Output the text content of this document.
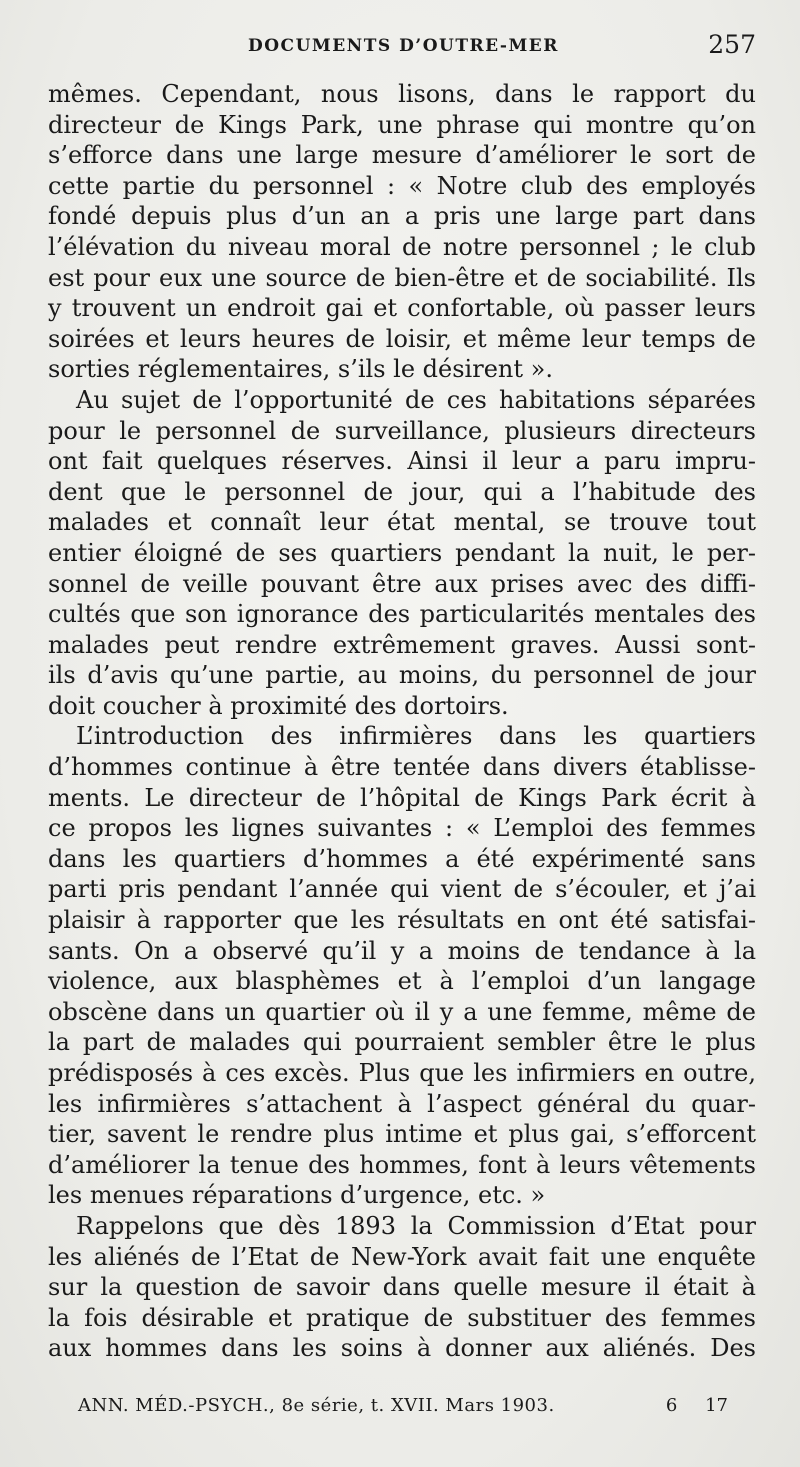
DOCUMENTS D’OUTRE-MER	257
mêmes. Cependant, nous lisons, dans le rapport du
directeur de Kings Park, une phrase qui montre qu’on
s’efforce dans une large mesure d’améliorer le sort de
cette partie du personnel : « Notre club des employés
fondé depuis plus d’un an a pris une large part dans
l’élévation du niveau moral de notre personnel ; le club
est pour eux une source de bien-être et de sociabilité. Ils
y trouvent un endroit gai et confortable, où passer leurs
soirées et leurs heures de loisir, et même leur temps de
sorties réglementaires, s’ils le désirent ».
Au sujet de l’opportunité de ces habitations séparées
pour le personnel de surveillance, plusieurs directeurs
ont fait quelques réserves. Ainsi il leur a paru impru-
dent que le personnel de jour, qui a l’habitude des
malades et connaît leur état mental, se trouve tout
entier éloigné de ses quartiers pendant la nuit, le per-
sonnel de veille pouvant être aux prises avec des diffi-
cultés que son ignorance des particularités mentales des
malades peut rendre extrêmement graves. Aussi sont-
ils d’avis qu’une partie, au moins, du personnel de jour
doit coucher à proximité des dortoirs.
L’introduction des infirmières dans les quartiers
d’hommes continue à être tentée dans divers établisse-
ments. Le directeur de l’hôpital de Kings Park écrit à
ce propos les lignes suivantes : « L’emploi des femmes
dans les quartiers d’hommes a été expérimenté sans
parti pris pendant l’année qui vient de s’écouler, et j’ai
plaisir à rapporter que les résultats en ont été satisfai-
sants. On a observé qu’il y a moins de tendance à la
violence, aux blasphèmes et à l’emploi d’un langage
obscène dans un quartier où il y a une femme, même de
la part de malades qui pourraient sembler être le plus
prédisposés à ces excès. Plus que les infirmiers en outre,
les infirmières s’attachent à l’aspect général du quar-
tier, savent le rendre plus intime et plus gai, s’efforcent
d’améliorer la tenue des hommes, font à leurs vêtements
les menues réparations d’urgence, etc. »
Rappelons que dès 1893 la Commission d’Etat pour
les aliénés de l’Etat de New-York avait fait une enquête
sur la question de savoir dans quelle mesure il était à
la fois désirable et pratique de substituer des femmes
aux hommes dans les soins à donner aux aliénés. Des
ANN. MÉD.-PSYCH., 8e série, t. XVII. Mars 1903.	6 17
